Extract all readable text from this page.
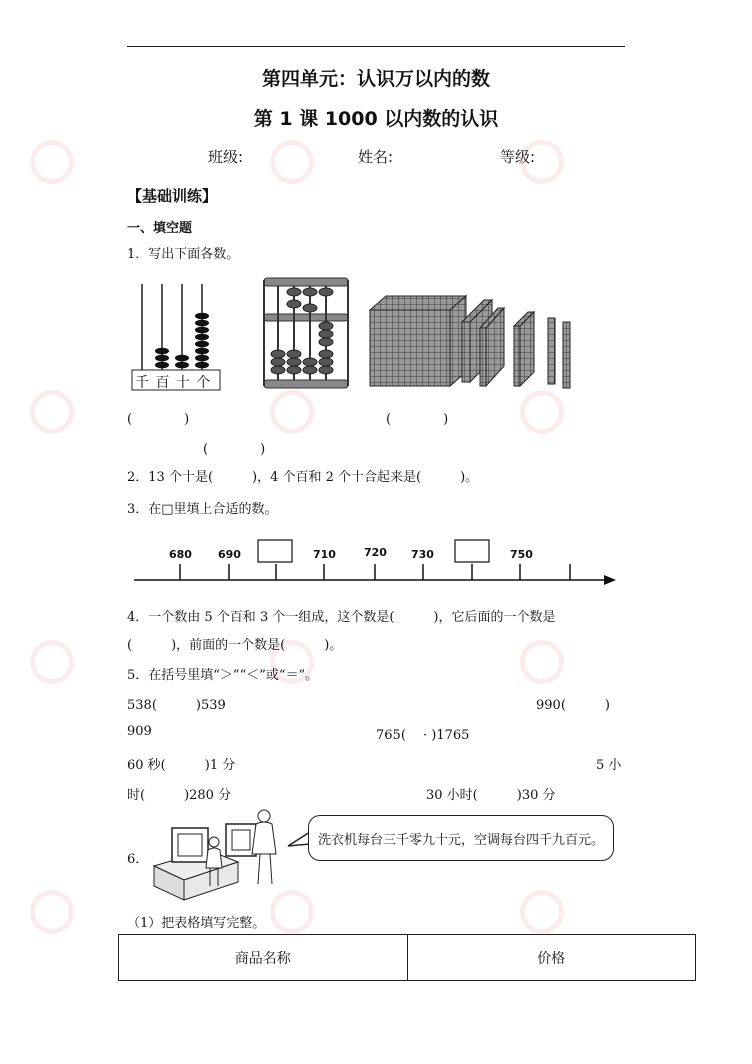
第四单元：认识万以内的数
第 1 课 1000 以内数的认识
班级:	姓名:	等级:
【基础训练】
一、填空题
1．写出下面各数。
千 百 十 个
(　　　　)	(　　　　)
(　　　　)
2．13 个十是(　　　)，4 个百和 2 个十合起来是(　　　)。
3．在□里填上合适的数。
680 690	710	720 730	750
4．一个数由 5 个百和 3 个一组成，这个数是(　　　)，它后面的一个数是
(　　　)，前面的一个数是(　　　)。
5．在括号里填“＞”“＜”或“＝”。
538(　　　)539	990(　　　)
909	765(　 · )1765
60 秒(　　　)1 分	5 小
时(　　　)280 分	30 小时(　　　)30 分
6．
洗衣机每台三千零九十元，空调每台四千九百元。
（1）把表格填写完整。
商品名称	价格
